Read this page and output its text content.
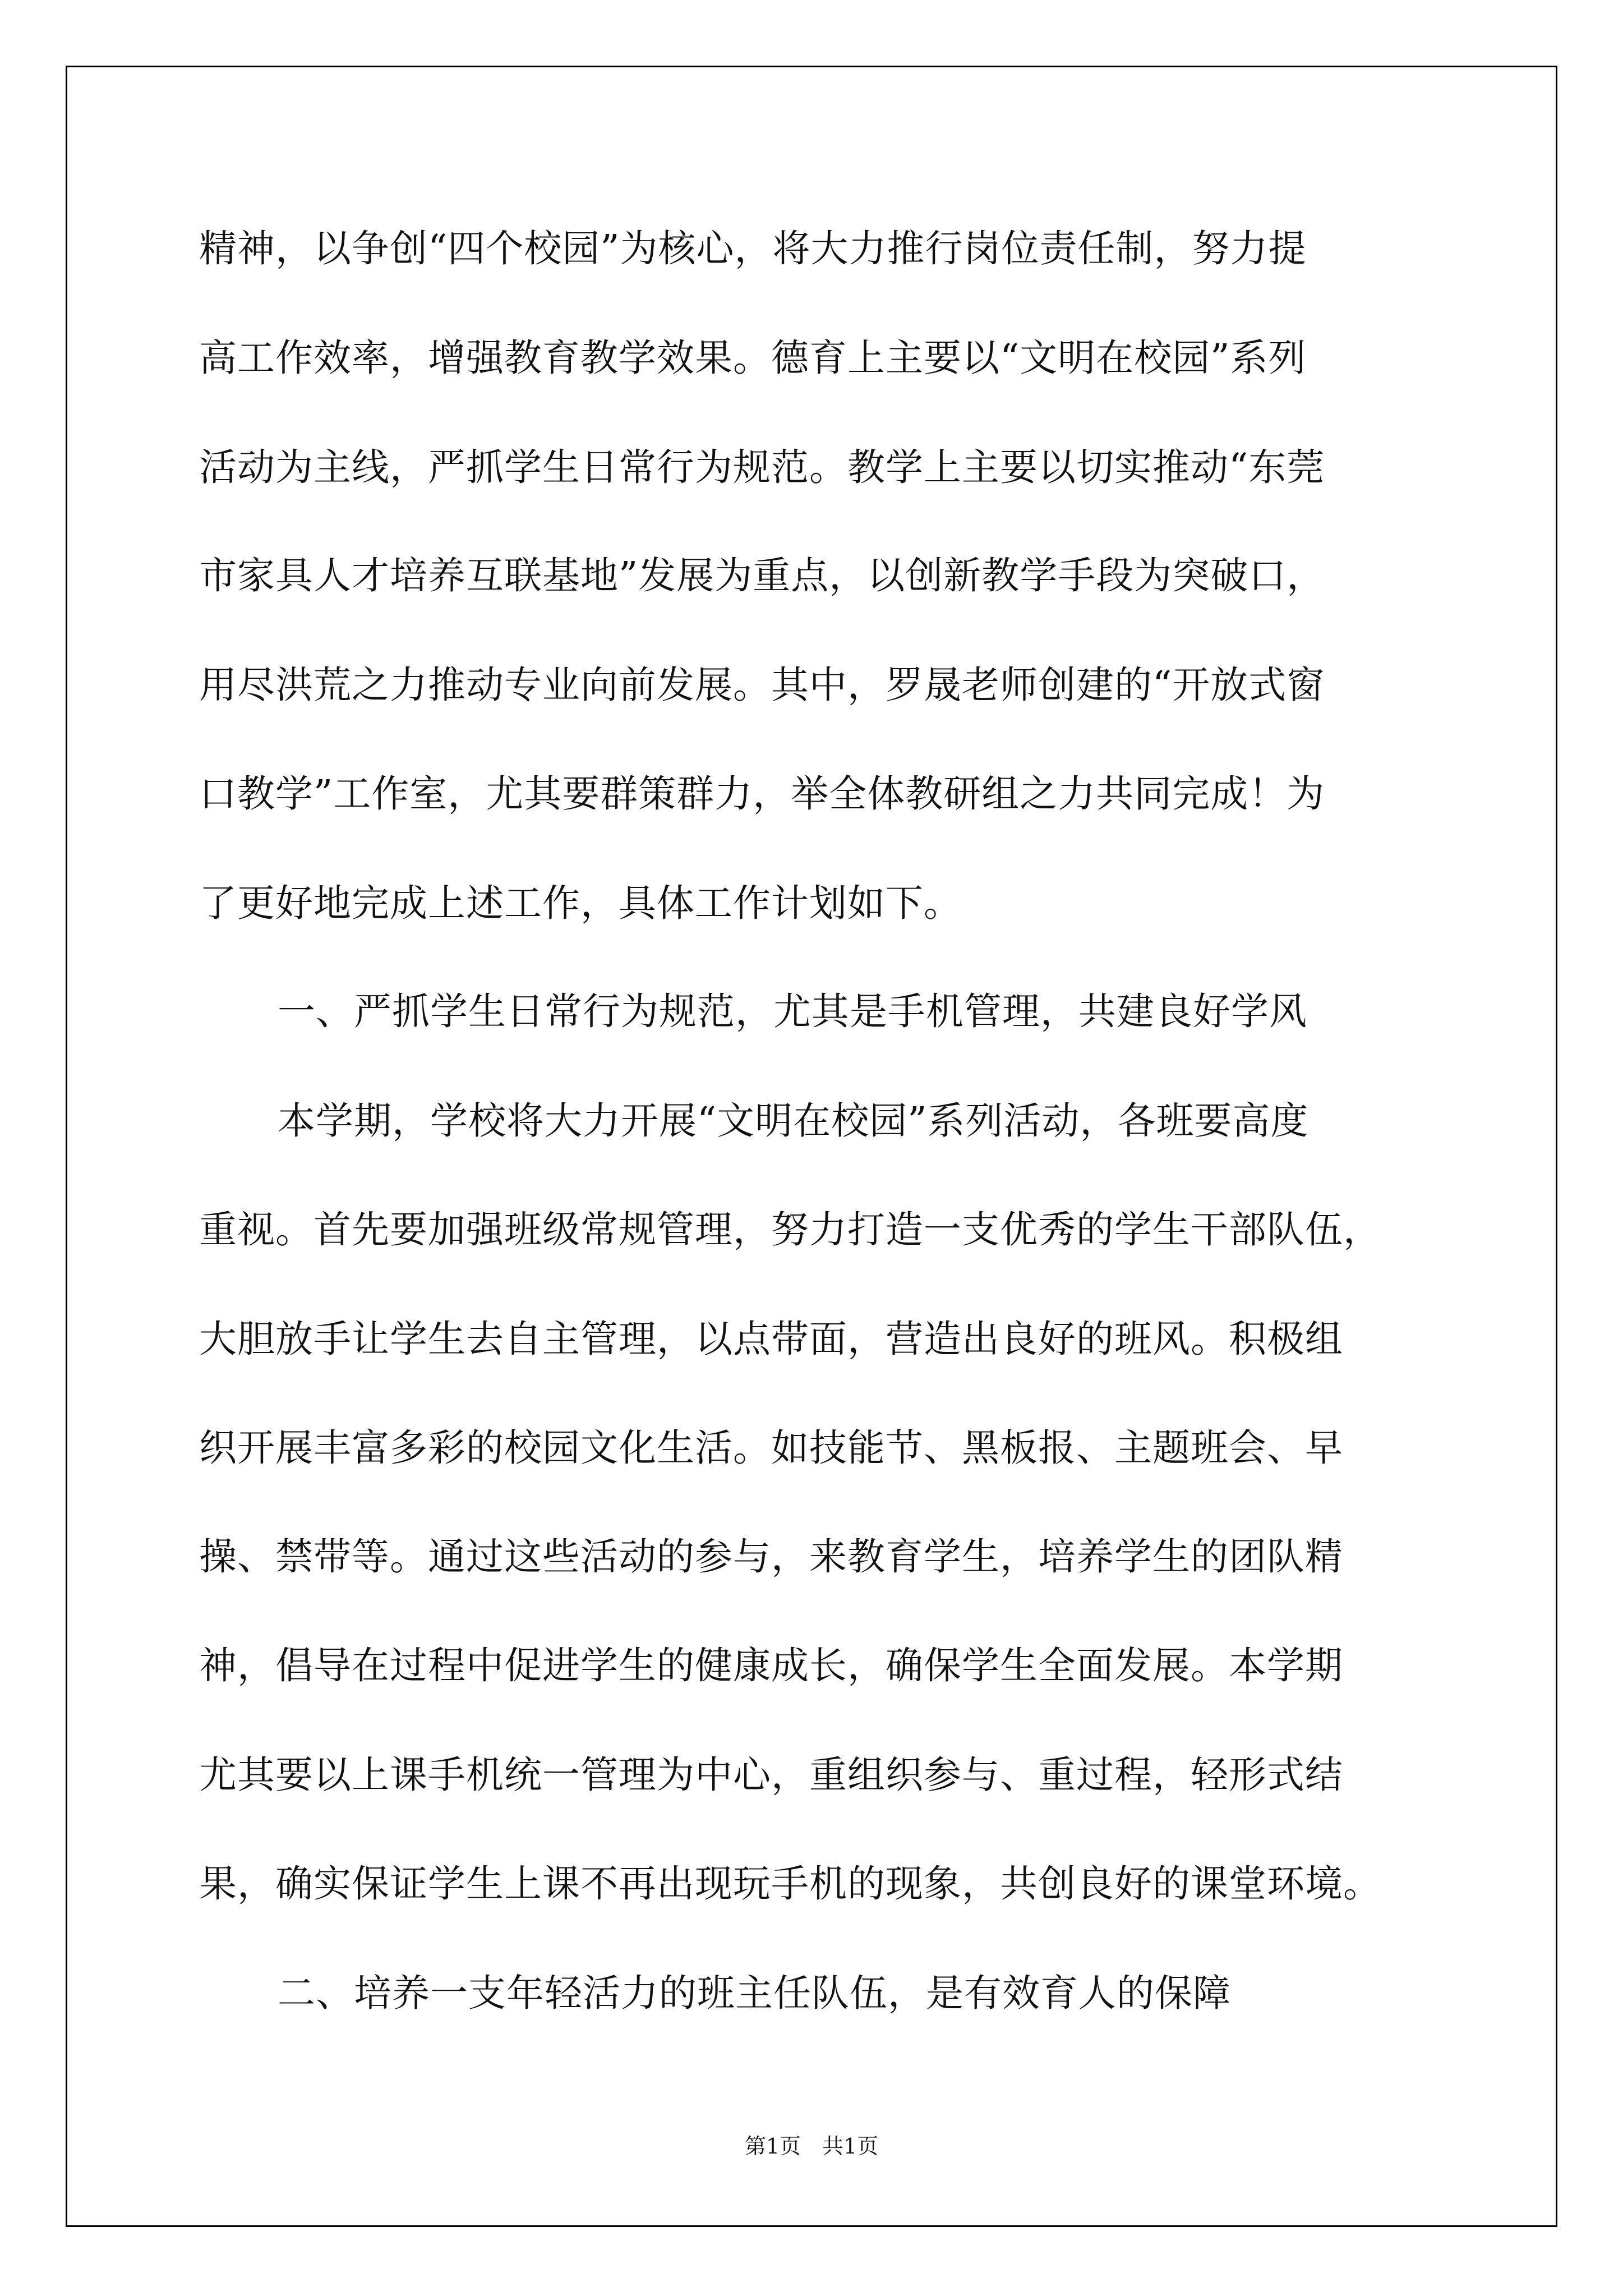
精神，以争创“四个校园”为核心，将大力推行岗位责任制，努力提
高工作效率，增强教育教学效果。德育上主要以“文明在校园”系列
活动为主线，严抓学生日常行为规范。教学上主要以切实推动“东莞
市家具人才培养互联基地”发展为重点，以创新教学手段为突破口，
用尽洪荒之力推动专业向前发展。其中，罗晟老师创建的“开放式窗
口教学”工作室，尤其要群策群力，举全体教研组之力共同完成！为
了更好地完成上述工作，具体工作计划如下。
一、严抓学生日常行为规范，尤其是手机管理，共建良好学风
本学期，学校将大力开展“文明在校园”系列活动，各班要高度
重视。首先要加强班级常规管理，努力打造一支优秀的学生干部队伍，
大胆放手让学生去自主管理，以点带面，营造出良好的班风。积极组
织开展丰富多彩的校园文化生活。如技能节、黑板报、主题班会、早
操、禁带等。通过这些活动的参与，来教育学生，培养学生的团队精
神，倡导在过程中促进学生的健康成长，确保学生全面发展。本学期
尤其要以上课手机统一管理为中心，重组织参与、重过程，轻形式结
果，确实保证学生上课不再出现玩手机的现象，共创良好的课堂环境。
二、培养一支年轻活力的班主任队伍，是有效育人的保障
第1页　共1页
